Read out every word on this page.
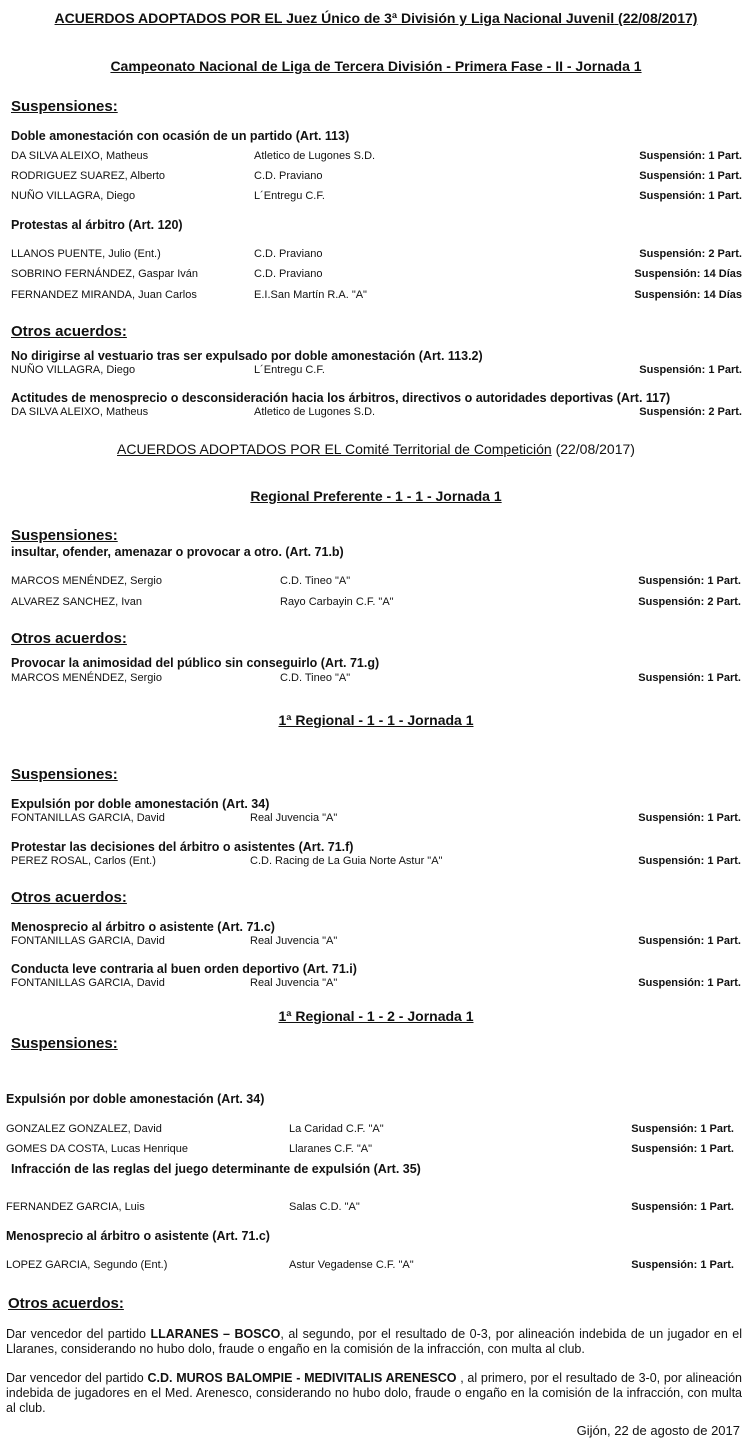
ACUERDOS ADOPTADOS POR EL Juez Único de 3ª División y Liga Nacional Juvenil (22/08/2017)
Campeonato Nacional de Liga de Tercera División - Primera Fase - II - Jornada 1
Suspensiones:
Doble amonestación con ocasión de un partido (Art. 113)
DA SILVA ALEIXO, Matheus	Atletico de Lugones S.D.	Suspensión: 1 Part.
RODRIGUEZ SUAREZ, Alberto	C.D. Praviano	Suspensión: 1 Part.
NUÑO VILLAGRA, Diego	L´Entregu C.F.	Suspensión: 1 Part.
Protestas al árbitro (Art. 120)
LLANOS PUENTE, Julio (Ent.)	C.D. Praviano	Suspensión: 2 Part.
SOBRINO FERNÁNDEZ, Gaspar Iván	C.D. Praviano	Suspensión: 14 Días
FERNANDEZ MIRANDA, Juan Carlos	E.I.San Martín R.A. "A"	Suspensión: 14 Días
Otros acuerdos:
No dirigirse al vestuario tras ser expulsado por doble amonestación (Art. 113.2)
NUÑO VILLAGRA, Diego	L´Entregu C.F.	Suspensión: 1 Part.
Actitudes de menosprecio o desconsideración hacia los árbitros, directivos o autoridades deportivas (Art. 117)
DA SILVA ALEIXO, Matheus	Atletico de Lugones S.D.	Suspensión: 2 Part.
ACUERDOS ADOPTADOS POR EL Comité Territorial de Competición (22/08/2017)
Regional Preferente - 1 - 1 - Jornada 1
Suspensiones:
insultar, ofender, amenazar o provocar a otro. (Art. 71.b)
MARCOS MENÉNDEZ, Sergio	C.D. Tineo "A"	Suspensión: 1 Part.
ALVAREZ SANCHEZ, Ivan	Rayo Carbayin C.F. "A"	Suspensión: 2 Part.
Otros acuerdos:
Provocar la animosidad del público sin conseguirlo (Art. 71.g)
MARCOS MENÉNDEZ, Sergio	C.D. Tineo "A"	Suspensión: 1 Part.
1ª Regional - 1 - 1 - Jornada 1
Suspensiones:
Expulsión por doble amonestación (Art. 34)
FONTANILLAS GARCIA, David	Real Juvencia "A"	Suspensión: 1 Part.
Protestar las decisiones del árbitro o asistentes (Art. 71.f)
PEREZ ROSAL, Carlos (Ent.)	C.D. Racing de La Guia Norte Astur "A"	Suspensión: 1 Part.
Otros acuerdos:
Menosprecio al árbitro o asistente (Art. 71.c)
FONTANILLAS GARCIA, David	Real Juvencia "A"	Suspensión: 1 Part.
Conducta leve contraria al buen orden deportivo (Art. 71.i)
FONTANILLAS GARCIA, David	Real Juvencia "A"	Suspensión: 1 Part.
1ª Regional - 1 - 2 - Jornada 1
Suspensiones:
Expulsión por doble amonestación (Art. 34)
GONZALEZ GONZALEZ, David	La Caridad C.F. "A"	Suspensión: 1 Part.
GOMES DA COSTA, Lucas Henrique	Llaranes C.F. "A"	Suspensión: 1 Part.
Infracción de las reglas del juego determinante de expulsión (Art. 35)
FERNANDEZ GARCIA, Luis	Salas C.D. "A"	Suspensión: 1 Part.
Menosprecio al árbitro o asistente (Art. 71.c)
LOPEZ GARCIA, Segundo (Ent.)	Astur Vegadense C.F. "A"	Suspensión: 1 Part.
Otros acuerdos:
Dar vencedor del partido LLARANES – BOSCO, al segundo, por el resultado de 0-3, por alineación indebida de un jugador en el Llaranes, considerando no hubo dolo, fraude o engaño en la comisión de la infracción, con multa al club.
Dar vencedor del partido C.D. MUROS BALOMPIE - MEDIVITALIS ARENESCO , al primero, por el resultado de 3-0, por alineación indebida de jugadores en el Med. Arenesco, considerando no hubo dolo, fraude o engaño en la comisión de la infracción, con multa al club.
Gijón, 22 de agosto de 2017
